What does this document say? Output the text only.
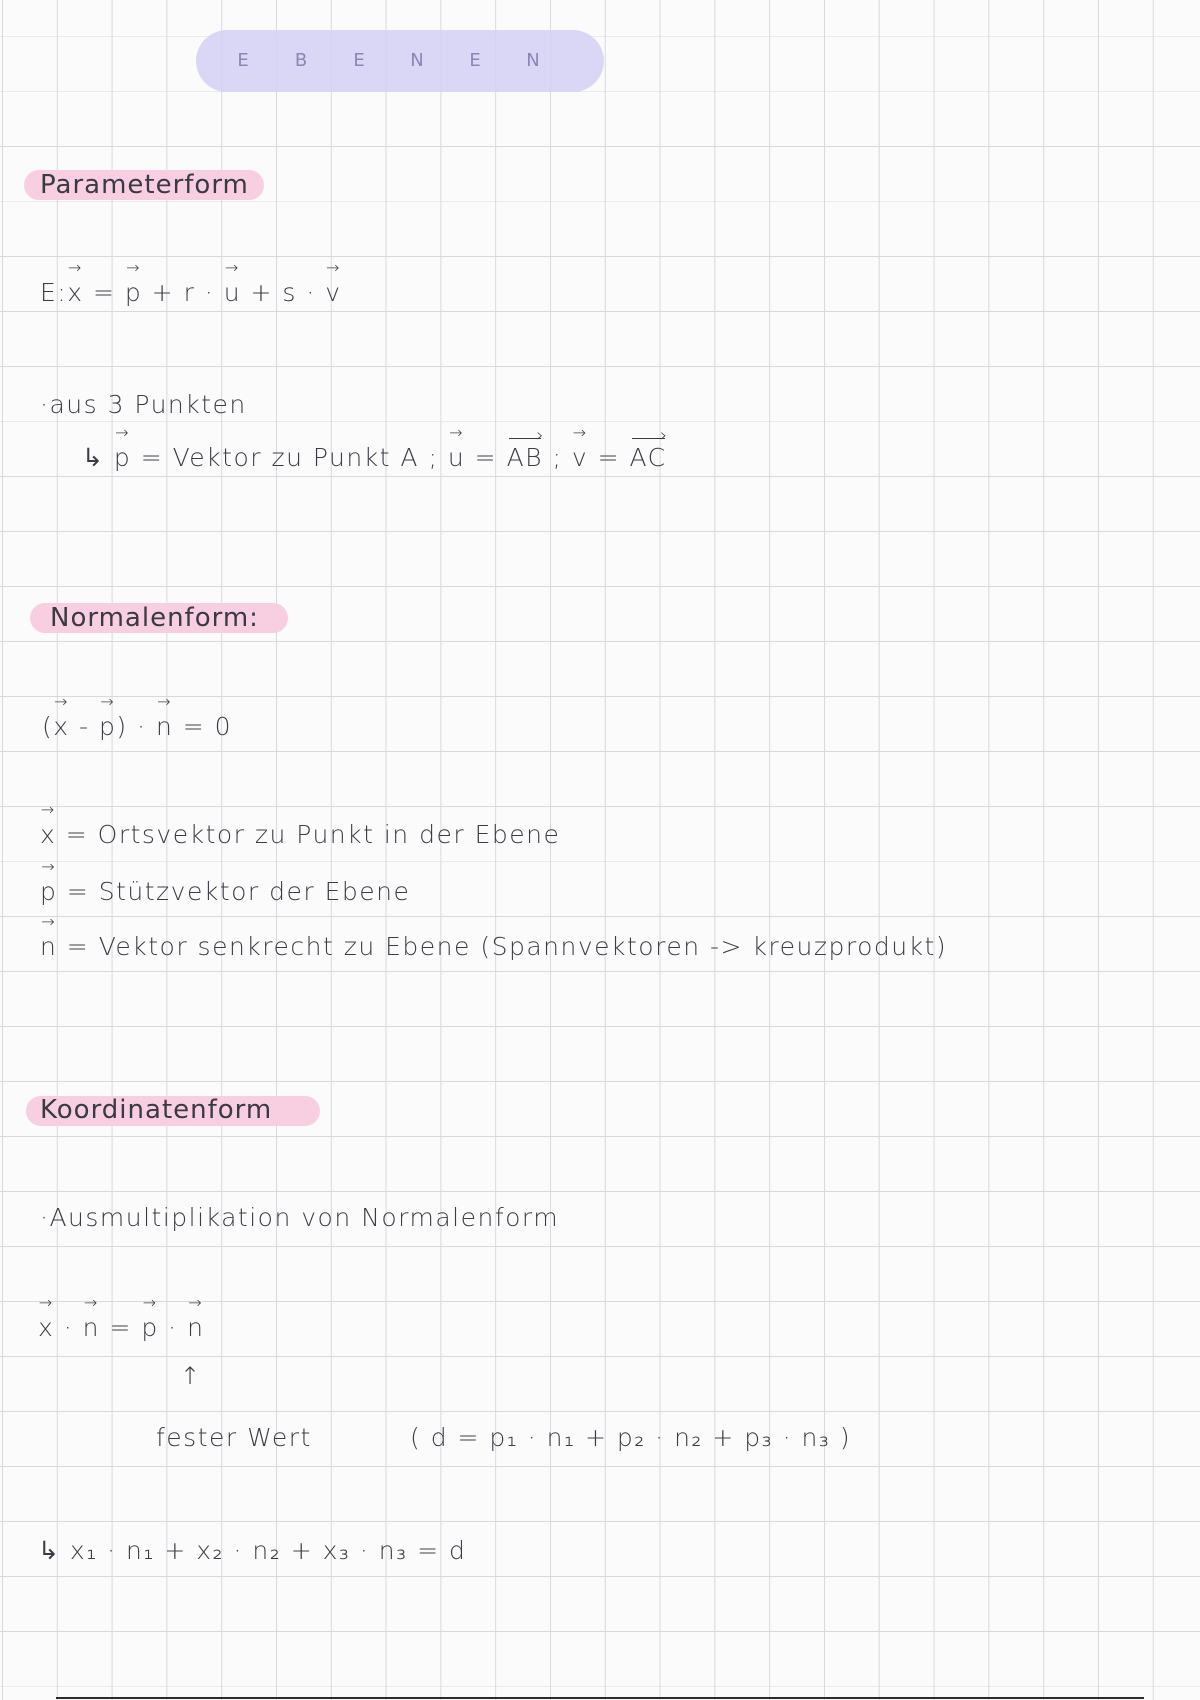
E	B	E	N	E	N
Parameterform
E:→ x = → p + r · → u + s · → v
·aus 3 Punkten
↳ → p = Vektor zu Punkt A ; → u = AB › ; → v = AC ›
Normalenform:
(→ x - → p) · → n = 0
→ x = Ortsvektor zu Punkt in der Ebene
→ p = Stützvektor der Ebene
→ n = Vektor senkrecht zu Ebene (Spannvektoren -> kreuzprodukt)
Koordinatenform
·Ausmultiplikation von Normalenform
→ x · → n = → p · → n
↑
fester Wert	( d = p₁ · n₁ + p₂ · n₂ + p₃ · n₃ )
↳ x₁ · n₁ + x₂ · n₂ + x₃ · n₃ = d
